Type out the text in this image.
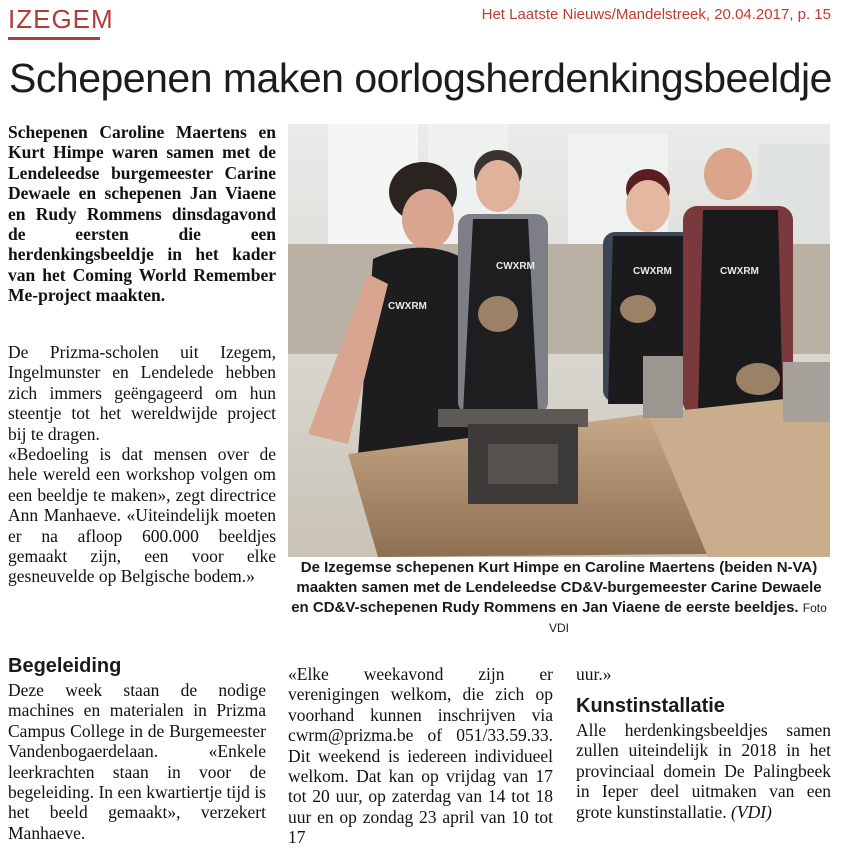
IZEGEM	Het Laatste Nieuws/Mandelstreek, 20.04.2017, p. 15
Schepenen maken oorlogsherdenkingsbeeldje
Schepenen Caroline Maertens en Kurt Himpe waren samen met de Lendeleedse burgemeester Carine Dewaele en schepenen Jan Viaene en Rudy Rommens dinsdagavond de eersten die een herdenkingsbeeldje in het kader van het Coming World Remember Me-project maakten.

De Prizma-scholen uit Izegem, Ingelmunster en Lendelede hebben zich immers geëngageerd om hun steentje tot het wereldwijde project bij te dragen.

«Bedoeling is dat mensen over de hele wereld een workshop volgen om een beeldje te maken», zegt directrice Ann Manhaeve. «Uiteindelijk moeten er na afloop 600.000 beeldjes gemaakt zijn, een voor elke gesneuvelde op Belgische bodem.»

CWXRM	CWXRM	CWXRM
CWXRM
De Izegemse schepenen Kurt Himpe en Caroline Maertens (beiden N-VA) maakten samen met de Lendeleedse CD&V-burgemeester Carine Dewaele en CD&V-schepenen Rudy Rommens en Jan Viaene de eerste beeldjes. Foto VDI
Begeleiding
Deze week staan de nodige machines en materialen in Prizma Campus College in de Burgemeester Vandenbogaerdelaan. «Enkele leerkrachten staan in voor de begeleiding. In een kwartiertje tijd is het beeld gemaakt», verzekert Manhaeve.
«Elke weekavond zijn er verenigingen welkom, die zich op voorhand kunnen inschrijven via cwrm@prizma.be of 051/33.59.33. Dit weekend is iedereen individueel welkom. Dat kan op vrijdag van 17 tot 20 uur, op zaterdag van 14 tot 18 uur en op zondag 23 april van 10 tot 17
uur.»
Kunstinstallatie
Alle herdenkingsbeeldjes samen zullen uiteindelijk in 2018 in het provinciaal domein De Palingbeek in Ieper deel uitmaken van een grote kunstinstallatie. (VDI)
